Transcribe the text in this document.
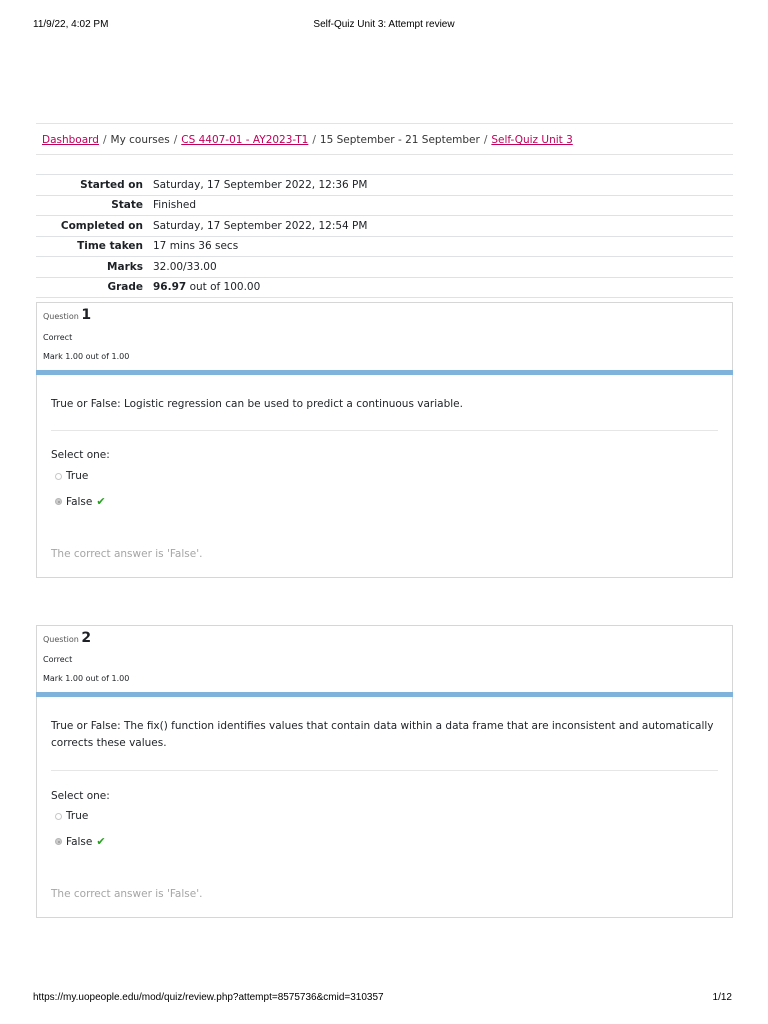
11/9/22, 4:02 PM	Self-Quiz Unit 3: Attempt review
Dashboard / My courses / CS 4407-01 - AY2023-T1 / 15 September - 21 September / Self-Quiz Unit 3
Started on	Saturday, 17 September 2022, 12:36 PM
State	Finished
Completed on	Saturday, 17 September 2022, 12:54 PM
Time taken	17 mins 36 secs
Marks	32.00/33.00
Grade	96.97 out of 100.00
Question 1
Correct
Mark 1.00 out of 1.00
True or False: Logistic regression can be used to predict a continuous variable.
Select one:
True
False ✔
The correct answer is 'False'.
Question 2
Correct
Mark 1.00 out of 1.00
True or False: The fix() function identifies values that contain data within a data frame that are inconsistent and automatically corrects these values.
Select one:
True
False ✔
The correct answer is 'False'.
https://my.uopeople.edu/mod/quiz/review.php?attempt=8575736&cmid=310357	1/12
